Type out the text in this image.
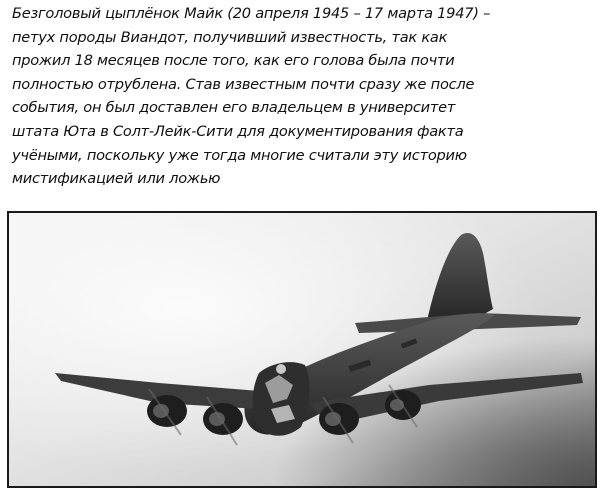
Безголовый цыплёнок Майк (20 апреля 1945 – 17 марта 1947) –
петух породы Виандот, получивший известность, так как
прожил 18 месяцев после того, как его голова была почти
полностью отрублена. Став известным почти сразу же после
события, он был доставлен его владельцем в университет
штата Юта в Солт-Лейк-Сити для документирования факта
учёными, поскольку уже тогда многие считали эту историю
мистификацией или ложью
